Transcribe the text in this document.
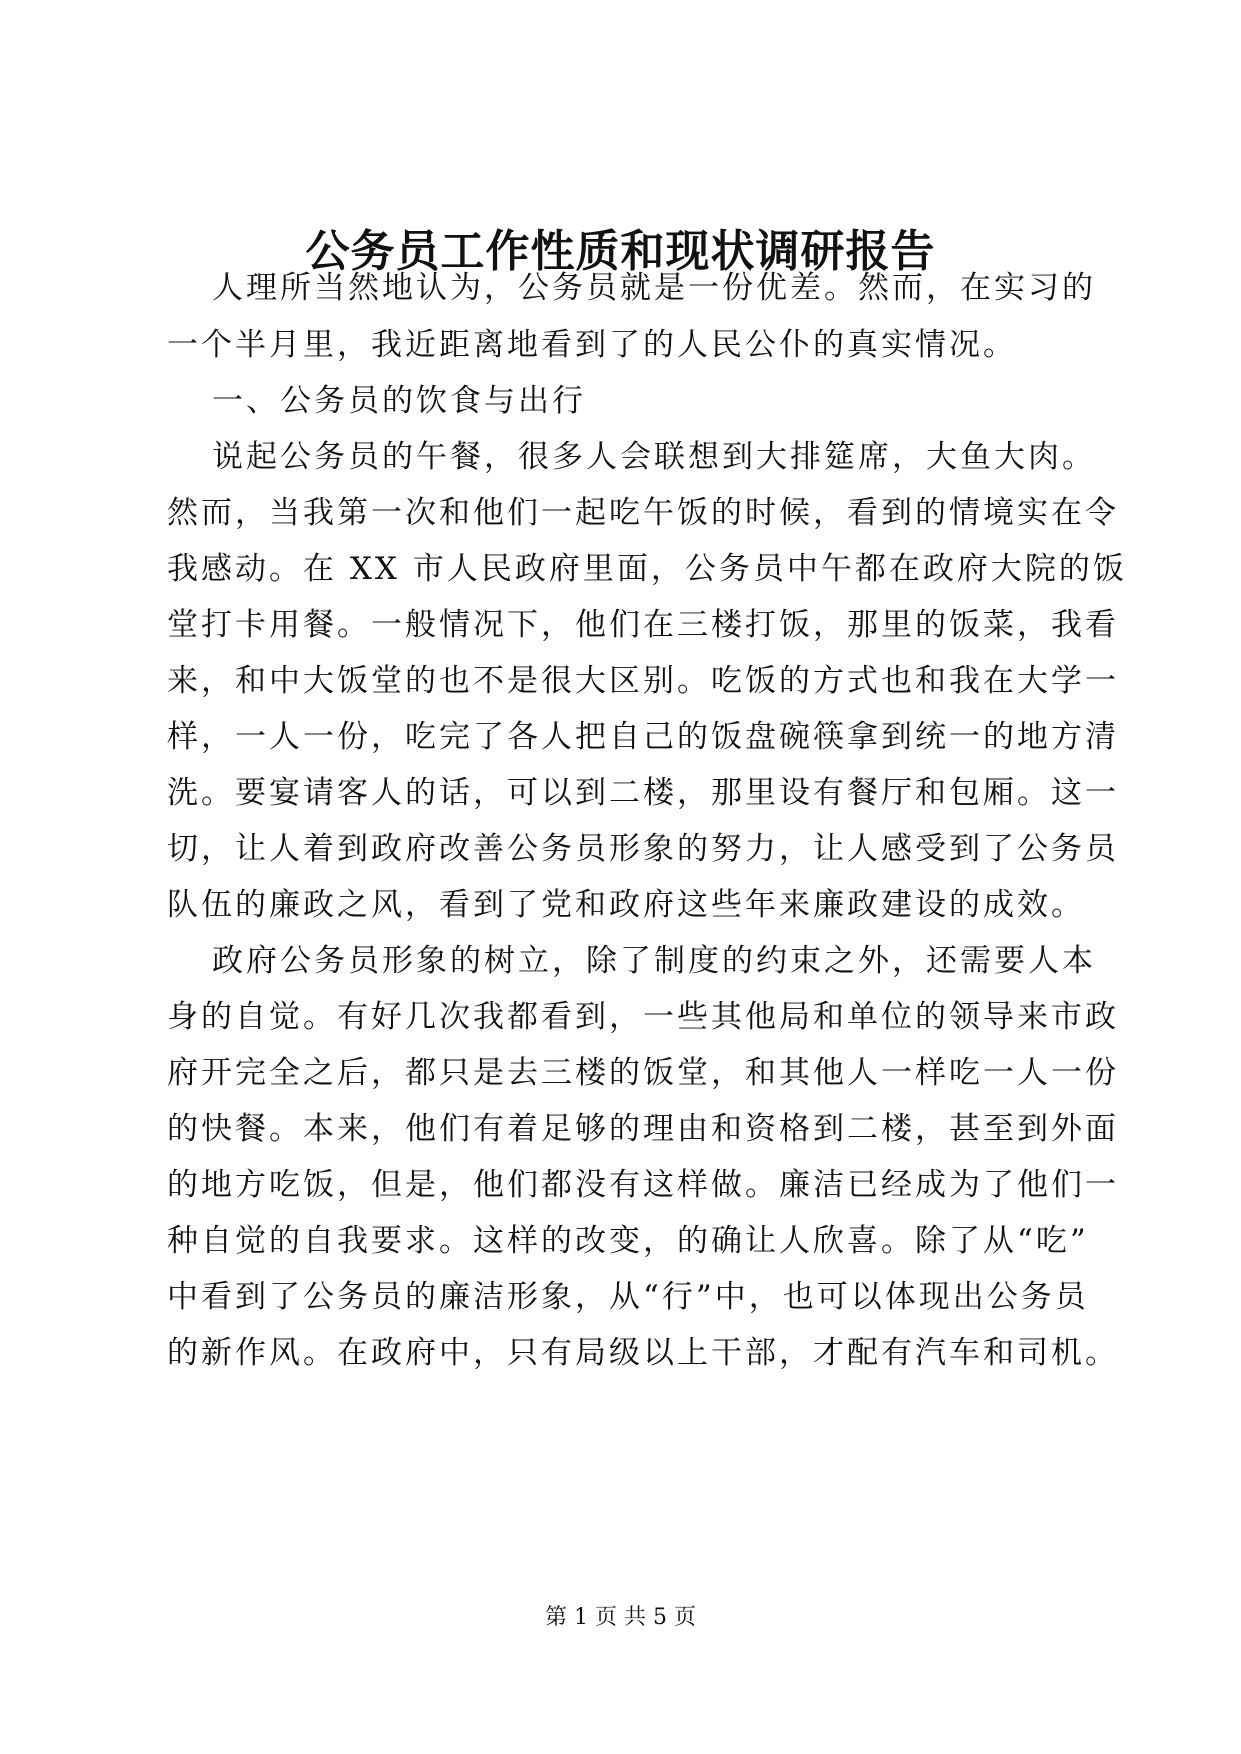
公务员工作性质和现状调研报告
人理所当然地认为，公务员就是一份优差。然而，在实习的
一个半月里，我近距离地看到了的人民公仆的真实情况。
一、公务员的饮食与出行
说起公务员的午餐，很多人会联想到大排筵席，大鱼大肉。
然而，当我第一次和他们一起吃午饭的时候，看到的情境实在令
我感动。在 XX 市人民政府里面，公务员中午都在政府大院的饭
堂打卡用餐。一般情况下，他们在三楼打饭，那里的饭菜，我看
来，和中大饭堂的也不是很大区别。吃饭的方式也和我在大学一
样，一人一份，吃完了各人把自己的饭盘碗筷拿到统一的地方清
洗。要宴请客人的话，可以到二楼，那里设有餐厅和包厢。这一
切，让人着到政府改善公务员形象的努力，让人感受到了公务员
队伍的廉政之风，看到了党和政府这些年来廉政建设的成效。
政府公务员形象的树立，除了制度的约束之外，还需要人本
身的自觉。有好几次我都看到，一些其他局和单位的领导来市政
府开完全之后，都只是去三楼的饭堂，和其他人一样吃一人一份
的快餐。本来，他们有着足够的理由和资格到二楼，甚至到外面
的地方吃饭，但是，他们都没有这样做。廉洁已经成为了他们一
种自觉的自我要求。这样的改变，的确让人欣喜。除了从“吃”
中看到了公务员的廉洁形象，从“行”中，也可以体现出公务员
的新作风。在政府中，只有局级以上干部，才配有汽车和司机。
第 1 页 共 5 页
